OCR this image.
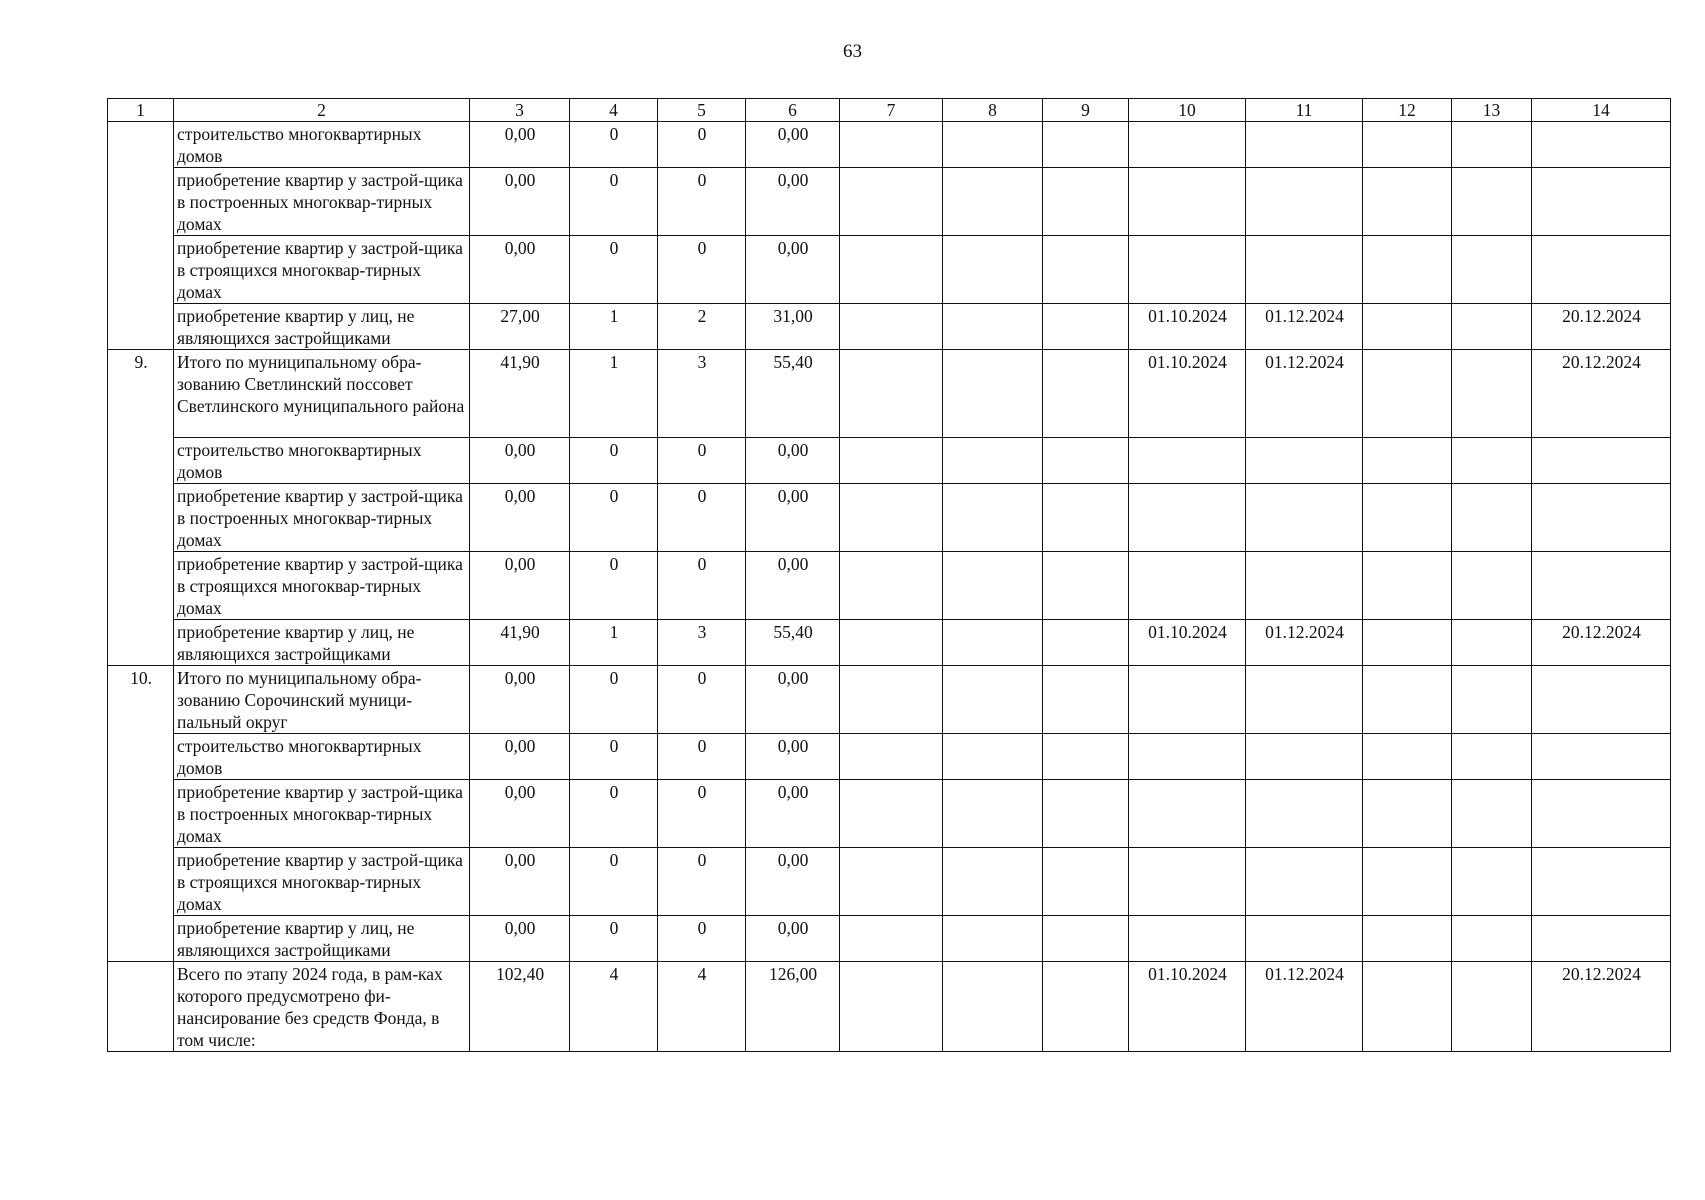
63
1	2	3	4	5	6	7	8	9	10	11	12	13	14
	строительство многоквартирных домов	0,00	0	0	0,00								
	приобретение квартир у застрой-щика в построенных многоквар-тирных домах	0,00	0	0	0,00								
	приобретение квартир у застрой-щика в строящихся многоквар-тирных домах	0,00	0	0	0,00								
	приобретение квартир у лиц, не являющихся застройщиками	27,00	1	2	31,00				01.10.2024	01.12.2024			20.12.2024
9.	Итого по муниципальному обра-зованию Светлинский поссовет Светлинского муниципального района	41,90	1	3	55,40				01.10.2024	01.12.2024			20.12.2024
	строительство многоквартирных домов	0,00	0	0	0,00								
	приобретение квартир у застрой-щика в построенных многоквар-тирных домах	0,00	0	0	0,00								
	приобретение квартир у застрой-щика в строящихся многоквар-тирных домах	0,00	0	0	0,00								
	приобретение квартир у лиц, не являющихся застройщиками	41,90	1	3	55,40				01.10.2024	01.12.2024			20.12.2024
10.	Итого по муниципальному обра-зованию Сорочинский муници-пальный округ	0,00	0	0	0,00								
	строительство многоквартирных домов	0,00	0	0	0,00								
	приобретение квартир у застрой-щика в построенных многоквар-тирных домах	0,00	0	0	0,00								
	приобретение квартир у застрой-щика в строящихся многоквар-тирных домах	0,00	0	0	0,00								
	приобретение квартир у лиц, не являющихся застройщиками	0,00	0	0	0,00								
	Всего по этапу 2024 года, в рам-ках которого предусмотрено фи-нансирование без средств Фонда, в том числе:	102,40	4	4	126,00				01.10.2024	01.12.2024			20.12.2024
